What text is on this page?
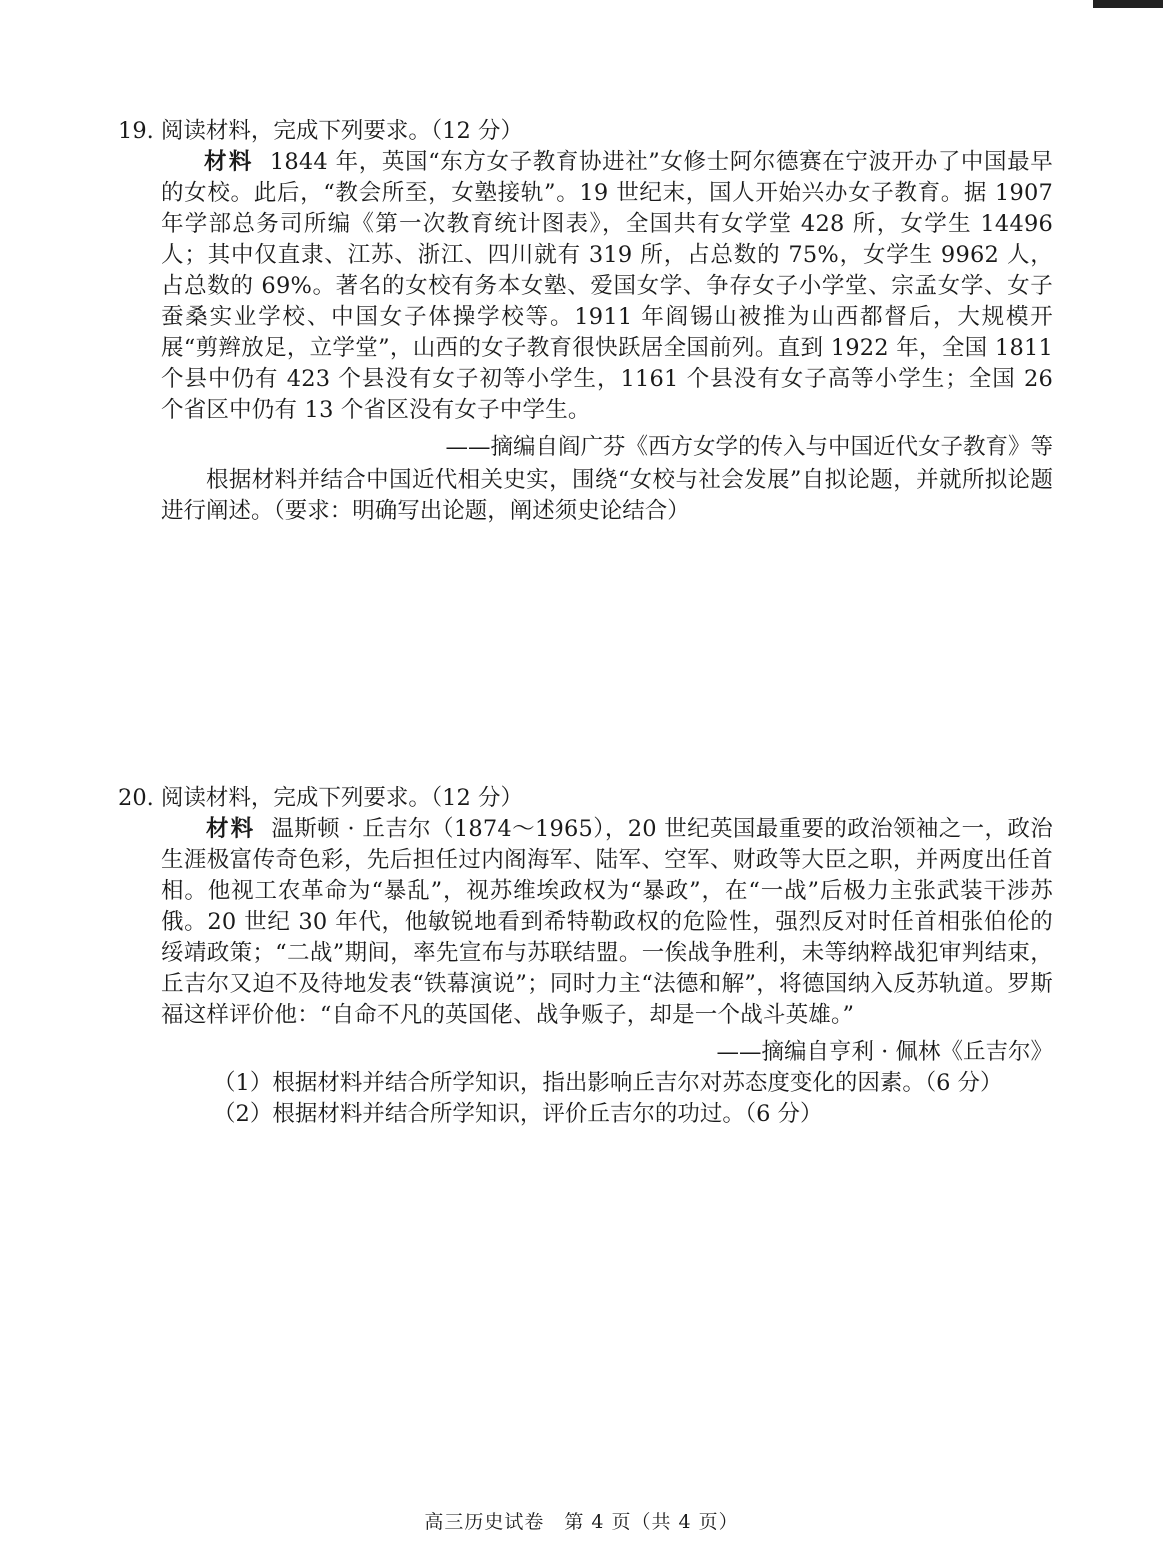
19. 阅读材料，完成下列要求。（12 分）

材料 1844 年，英国“东方女子教育协进社”女修士阿尔德赛在宁波开办了中国最早的女校。此后，“教会所至，女塾接轨”。19 世纪末，国人开始兴办女子教育。据 1907 年学部总务司所编《第一次教育统计图表》，全国共有女学堂 428 所，女学生 14496 人；其中仅直隶、江苏、浙江、四川就有 319 所，占总数的 75%，女学生 9962 人，占总数的 69%。著名的女校有务本女塾、爱国女学、争存女子小学堂、宗孟女学、女子蚕桑实业学校、中国女子体操学校等。1911 年阎锡山被推为山西都督后，大规模开展“剪辫放足，立学堂”，山西的女子教育很快跃居全国前列。直到 1922 年，全国 1811 个县中仍有 423 个县没有女子初等小学生，1161 个县没有女子高等小学生；全国 26 个省区中仍有 13 个省区没有女子中学生。

——摘编自阎广芬《西方女学的传入与中国近代女子教育》等

根据材料并结合中国近代相关史实，围绕“女校与社会发展”自拟论题，并就所拟论题进行阐述。（要求：明确写出论题，阐述须史论结合）

20. 阅读材料，完成下列要求。（12 分）

材料 温斯顿 · 丘吉尔（1874～1965），20 世纪英国最重要的政治领袖之一，政治生涯极富传奇色彩，先后担任过内阁海军、陆军、空军、财政等大臣之职，并两度出任首相。他视工农革命为“暴乱”，视苏维埃政权为“暴政”，在“一战”后极力主张武装干涉苏俄。20 世纪 30 年代，他敏锐地看到希特勒政权的危险性，强烈反对时任首相张伯伦的绥靖政策；“二战”期间，率先宣布与苏联结盟。一俟战争胜利，未等纳粹战犯审判结束，丘吉尔又迫不及待地发表“铁幕演说”；同时力主“法德和解”，将德国纳入反苏轨道。罗斯福这样评价他：“自命不凡的英国佬、战争贩子，却是一个战斗英雄。”

——摘编自亨利 · 佩林《丘吉尔》

（1）根据材料并结合所学知识，指出影响丘吉尔对苏态度变化的因素。（6 分）

（2）根据材料并结合所学知识，评价丘吉尔的功过。（6 分）

高三历史试卷　第 4 页（共 4 页）
